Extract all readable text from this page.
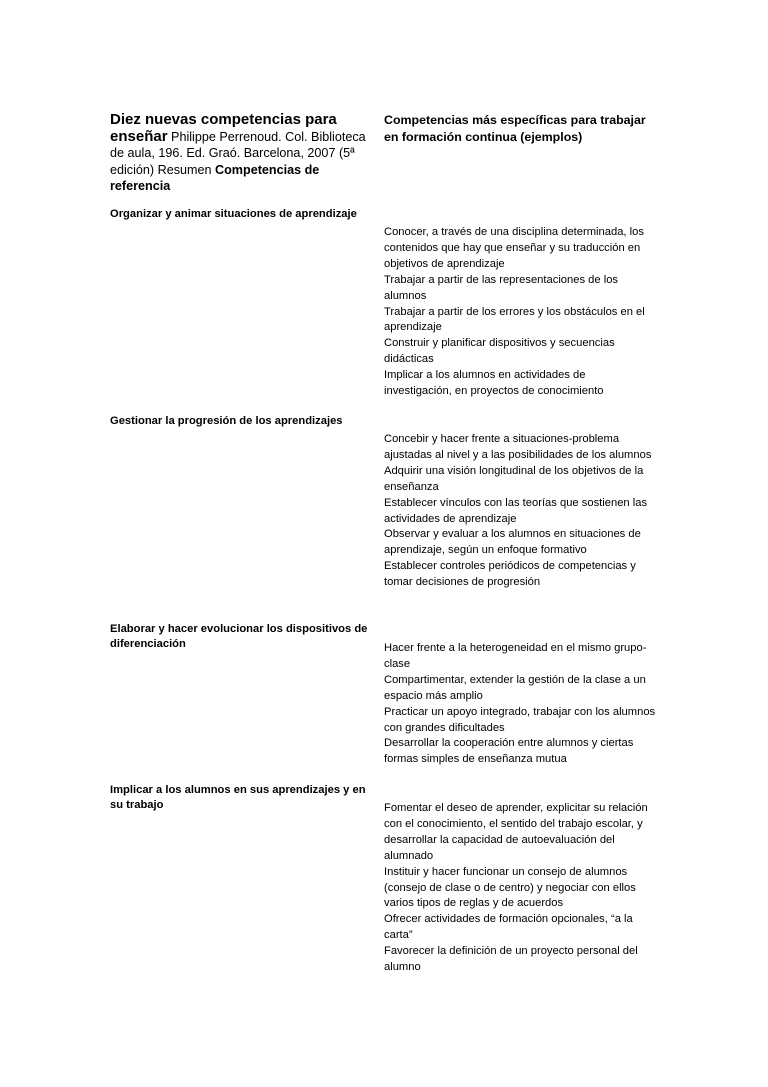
Diez nuevas competencias para enseñar Philippe Perrenoud. Col. Biblioteca de aula, 196. Ed. Graó. Barcelona, 2007 (5ª edición) Resumen Competencias de referencia
Competencias más específicas para trabajar en formación continua (ejemplos)
Organizar y animar situaciones de aprendizaje
Conocer, a través de una disciplina determinada, los contenidos que hay que enseñar y su traducción en objetivos de aprendizaje
Trabajar a partir de las representaciones de los alumnos
Trabajar a partir de los errores y los obstáculos en el aprendizaje
Construir y planificar dispositivos y secuencias didácticas
Implicar a los alumnos en actividades de investigación, en proyectos de conocimiento
Gestionar la progresión de los aprendizajes
Concebir y hacer frente a situaciones-problema ajustadas al nivel y a las posibilidades de los alumnos
Adquirir una visión longitudinal de los objetivos de la enseñanza
Establecer vínculos con las teorías que sostienen las actividades de aprendizaje
Observar y evaluar a los alumnos en situaciones de aprendizaje, según un enfoque formativo
Establecer controles periódicos de competencias y tomar decisiones de progresión
Elaborar y hacer evolucionar los dispositivos de diferenciación	Hacer frente a la heterogeneidad en el mismo grupo-clase
Compartimentar, extender la gestión de la clase a un espacio más amplio
Practicar un apoyo integrado, trabajar con los alumnos con grandes dificultades
Desarrollar la cooperación entre alumnos y ciertas formas simples de enseñanza mutua
Implicar a los alumnos en sus aprendizajes y en su trabajo	Fomentar el deseo de aprender, explicitar su relación con el conocimiento, el sentido del trabajo escolar, y desarrollar la capacidad de autoevaluación del alumnado
Instituir y hacer funcionar un consejo de alumnos (consejo de clase o de centro) y negociar con ellos varios tipos de reglas y de acuerdos
Ofrecer actividades de formación opcionales, “a la carta”
Favorecer la definición de un proyecto personal del alumno
